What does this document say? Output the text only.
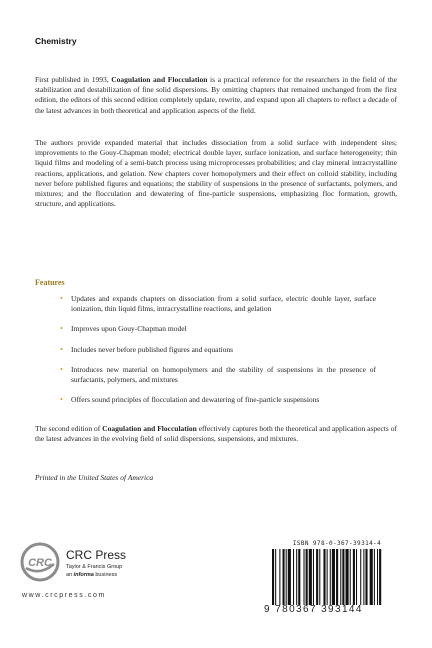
Chemistry

First published in 1993, Coagulation and Flocculation is a practical reference for the researchers in the field of the stabilization and destabilization of fine solid dispersions. By omitting chapters that remained unchanged from the first edition, the editors of this second edition completely update, rewrite, and expand upon all chapters to reflect a decade of the latest advances in both theoretical and application aspects of the field.

The authors provide expanded material that includes dissociation from a solid surface with independent sites; improvements to the Gouy-Chapman model; electrical double layer, surface ionization, and surface heterogeneity; thin liquid films and modeling of a semi-batch process using microprocesses probabilities; and clay mineral intracrystalline reactions, applications, and gelation. New chapters cover homopolymers and their effect on colloid stability, including never before published figures and equations; the stability of suspensions in the presence of surfactants, polymers, and mixtures; and the flocculation and dewatering of fine-particle suspensions, emphasizing floc formation, growth, structure, and applications.

Features
• Updates and expands chapters on dissociation from a solid surface, electric double layer, surface ionization, thin liquid films, intracrystalline reactions, and gelation
• Improves upon Gouy-Chapman model
• Includes never before published figures and equations
• Introduces new material on homopolymers and the stability of suspensions in the presence of surfactants, polymers, and mixtures
• Offers sound principles of flocculation and dewatering of fine-particle suspensions

The second edition of Coagulation and Flocculation effectively captures both the theoretical and application aspects of the latest advances in the evolving field of solid dispersions, suspensions, and mixtures.

Printed in the United States of America
CRC
CRC Press
Taylor & Francis Group
an informa business
www.crcpress.com
ISBN 978-0-367-39314-4
9 780367 393144
